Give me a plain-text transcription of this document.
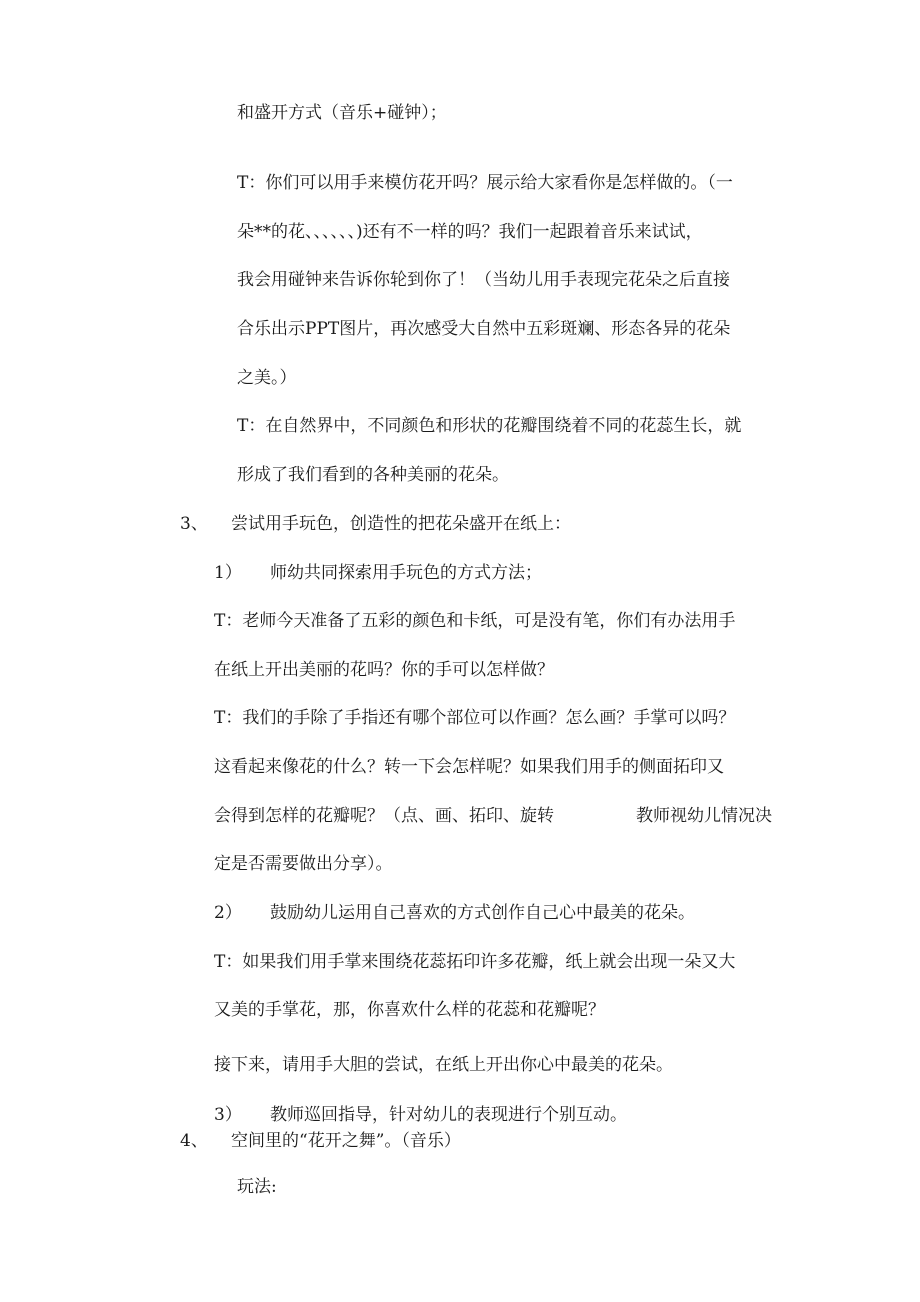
和盛开方式（音乐+碰钟）；
T：你们可以用手来模仿花开吗？展示给大家看你是怎样做的。（一
朵**的花、、、、、、)还有不一样的吗？我们一起跟着音乐来试试，
我会用碰钟来告诉你轮到你了！（当幼儿用手表现完花朵之后直接
合乐出示PPT图片，再次感受大自然中五彩斑斓、形态各异的花朵
之美。）
T：在自然界中，不同颜色和形状的花瓣围绕着不同的花蕊生长，就
形成了我们看到的各种美丽的花朵。
3、 尝试用手玩色，创造性的把花朵盛开在纸上：
1） 师幼共同探索用手玩色的方式方法；
T：老师今天准备了五彩的颜色和卡纸，可是没有笔，你们有办法用手
在纸上开出美丽的花吗？你的手可以怎样做？
T：我们的手除了手指还有哪个部位可以作画？怎么画？手掌可以吗？
这看起来像花的什么？转一下会怎样呢？如果我们用手的侧面拓印又
会得到怎样的花瓣呢？（点、画、拓印、旋转	教师视幼儿情况决
定是否需要做出分享）。
2） 鼓励幼儿运用自己喜欢的方式创作自己心中最美的花朵。
T：如果我们用手掌来围绕花蕊拓印许多花瓣，纸上就会出现一朵又大
又美的手掌花，那，你喜欢什么样的花蕊和花瓣呢？
接下来，请用手大胆的尝试，在纸上开出你心中最美的花朵。
3） 教师巡回指导，针对幼儿的表现进行个别互动。
4、 空间里的“花开之舞”。（音乐）
玩法:
